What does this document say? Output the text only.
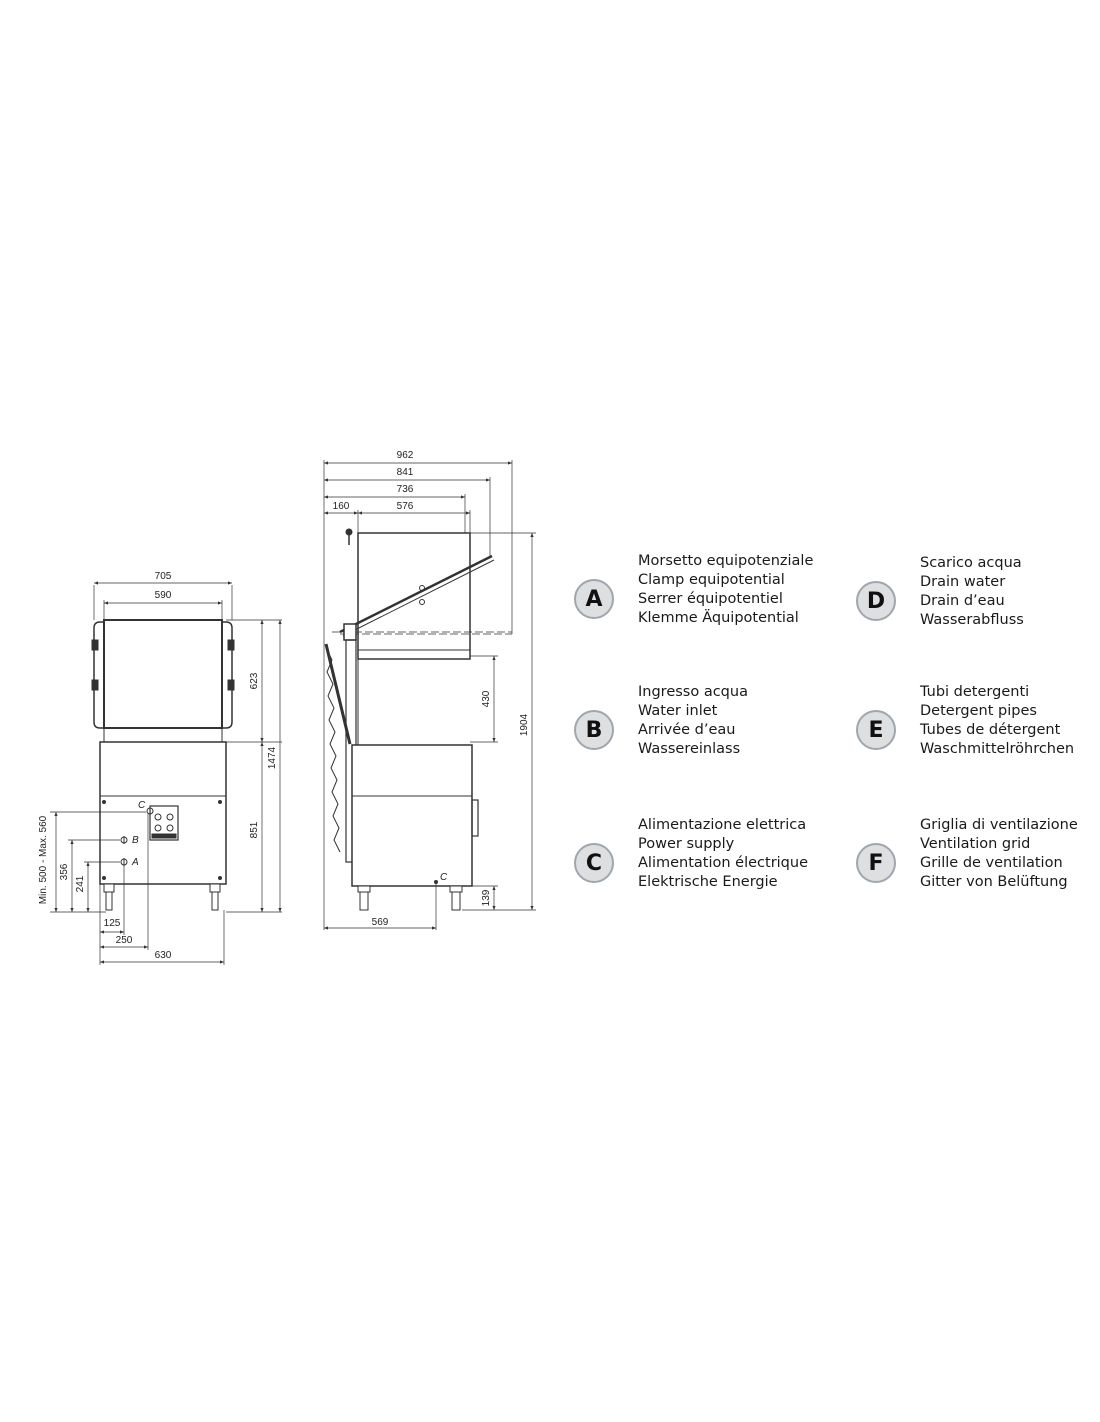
705
590
623
1474
851
Min. 500 - Max. 560 356
241
125
250
630
C
B
A
962
841
736
160	576
430
1904
139
569
C
A
Morsetto equipotenziale
Clamp equipotential
Serrer équipotentiel
Klemme Äquipotential
D
Scarico acqua
Drain water
Drain d’eau
Wasserabfluss
B
Ingresso acqua
Water inlet
Arrivée d’eau
Wassereinlass
E
Tubi detergenti
Detergent pipes
Tubes de détergent
Waschmittelröhrchen
C
Alimentazione elettrica
Power supply
Alimentation électrique
Elektrische Energie
F
Griglia di ventilazione
Ventilation grid
Grille de ventilation
Gitter von Belüftung
